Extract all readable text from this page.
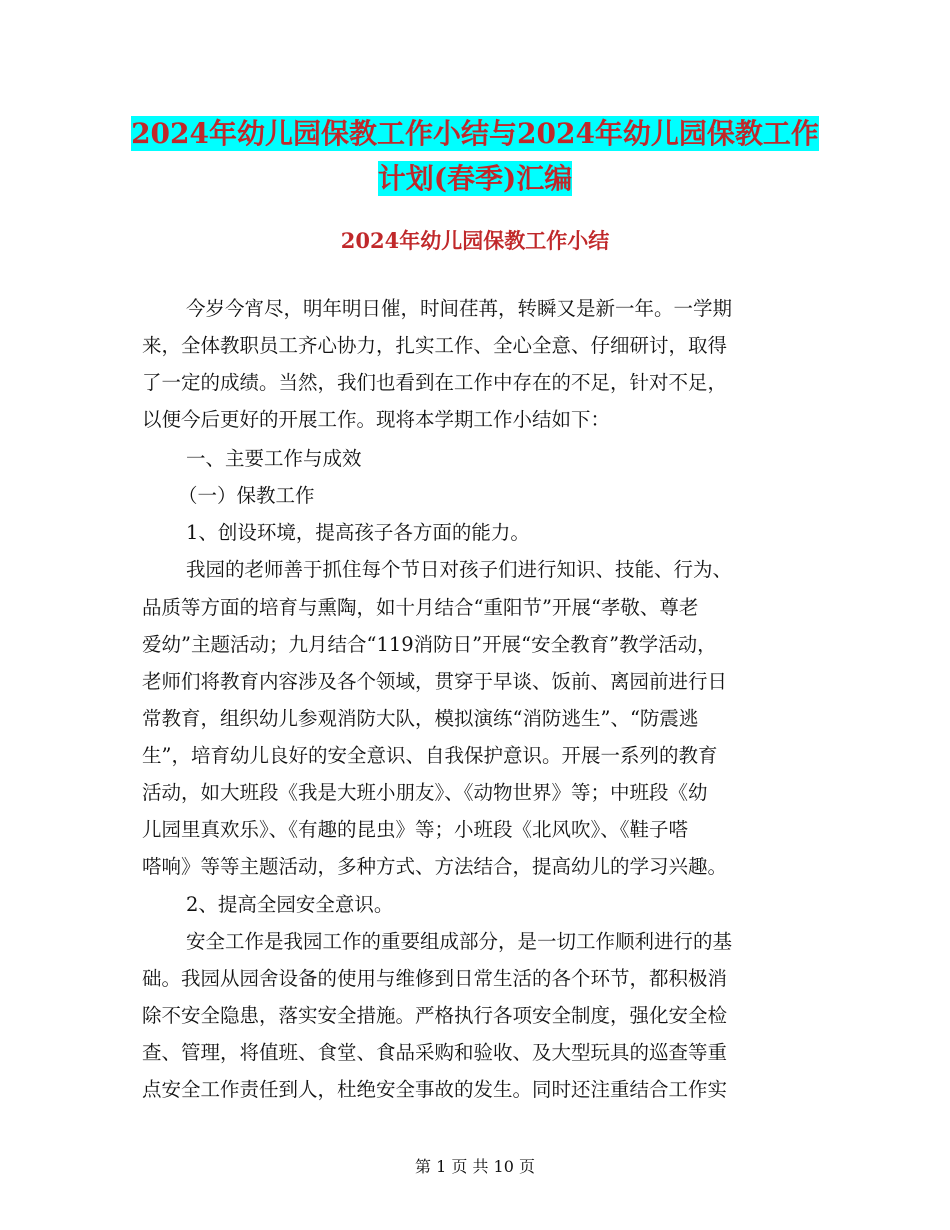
2024年幼儿园保教工作小结与2024年幼儿园保教工作
计划(春季)汇编
2024年幼儿园保教工作小结
今岁今宵尽，明年明日催，时间荏苒，转瞬又是新一年。一学期
来，全体教职员工齐心协力，扎实工作、全心全意、仔细研讨，取得
了一定的成绩。当然，我们也看到在工作中存在的不足，针对不足，
以便今后更好的开展工作。现将本学期工作小结如下：
一、主要工作与成效
（一）保教工作
1、创设环境，提高孩子各方面的能力。
我园的老师善于抓住每个节日对孩子们进行知识、技能、行为、
品质等方面的培育与熏陶，如十月结合“重阳节”开展“孝敬、尊老
爱幼”主题活动；九月结合“119消防日”开展“安全教育”教学活动，
老师们将教育内容涉及各个领域，贯穿于早谈、饭前、离园前进行日
常教育，组织幼儿参观消防大队，模拟演练“消防逃生”、“防震逃
生”，培育幼儿良好的安全意识、自我保护意识。开展一系列的教育
活动，如大班段《我是大班小朋友》、《动物世界》等；中班段《幼
儿园里真欢乐》、《有趣的昆虫》等；小班段《北风吹》、《鞋子嗒
嗒响》等等主题活动，多种方式、方法结合，提高幼儿的学习兴趣。
2、提高全园安全意识。
安全工作是我园工作的重要组成部分，是一切工作顺利进行的基
础。我园从园舍设备的使用与维修到日常生活的各个环节，都积极消
除不安全隐患，落实安全措施。严格执行各项安全制度，强化安全检
查、管理，将值班、食堂、食品采购和验收、及大型玩具的巡查等重
点安全工作责任到人，杜绝安全事故的发生。同时还注重结合工作实
第 1 页 共 10 页
